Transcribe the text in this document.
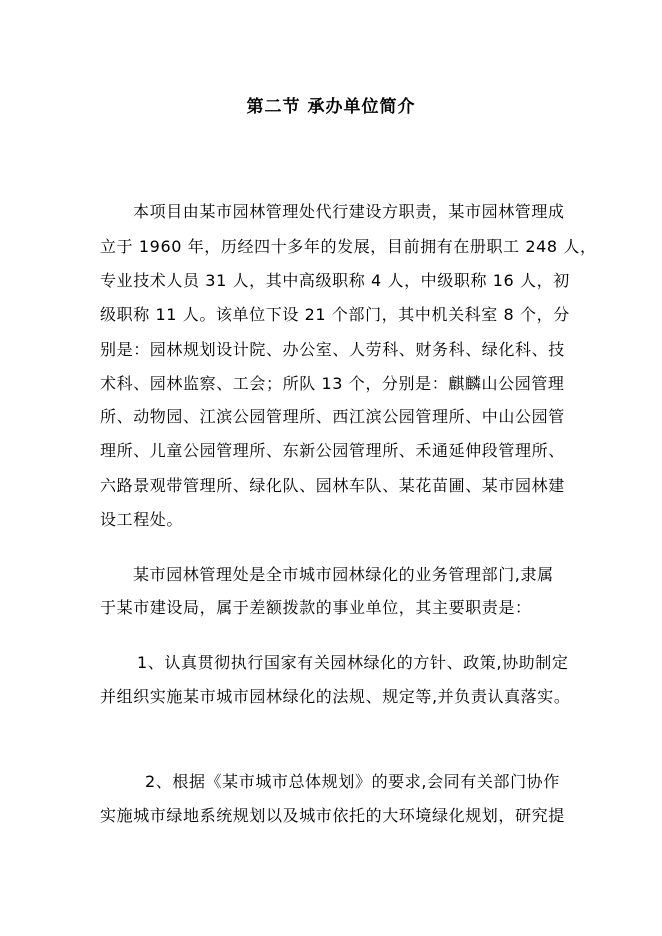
第二节 承办单位简介
本项目由某市园林管理处代行建设方职责，某市园林管理成
立于 1960 年，历经四十多年的发展，目前拥有在册职工 248 人，
专业技术人员 31 人，其中高级职称 4 人，中级职称 16 人，初
级职称 11 人。该单位下设 21 个部门，其中机关科室 8 个，分
别是：园林规划设计院、办公室、人劳科、财务科、绿化科、技
术科、园林监察、工会；所队 13 个，分别是：麒麟山公园管理
所、动物园、江滨公园管理所、西江滨公园管理所、中山公园管
理所、儿童公园管理所、东新公园管理所、禾通延伸段管理所、
六路景观带管理所、绿化队、园林车队、某花苗圃、某市园林建
设工程处。
某市园林管理处是全市城市园林绿化的业务管理部门,隶属
于某市建设局，属于差额拨款的事业单位，其主要职责是：
1、认真贯彻执行国家有关园林绿化的方针、政策,协助制定
并组织实施某市城市园林绿化的法规、规定等,并负责认真落实。
2、根据《某市城市总体规划》的要求,会同有关部门协作
实施城市绿地系统规划以及城市依托的大环境绿化规划，研究提
